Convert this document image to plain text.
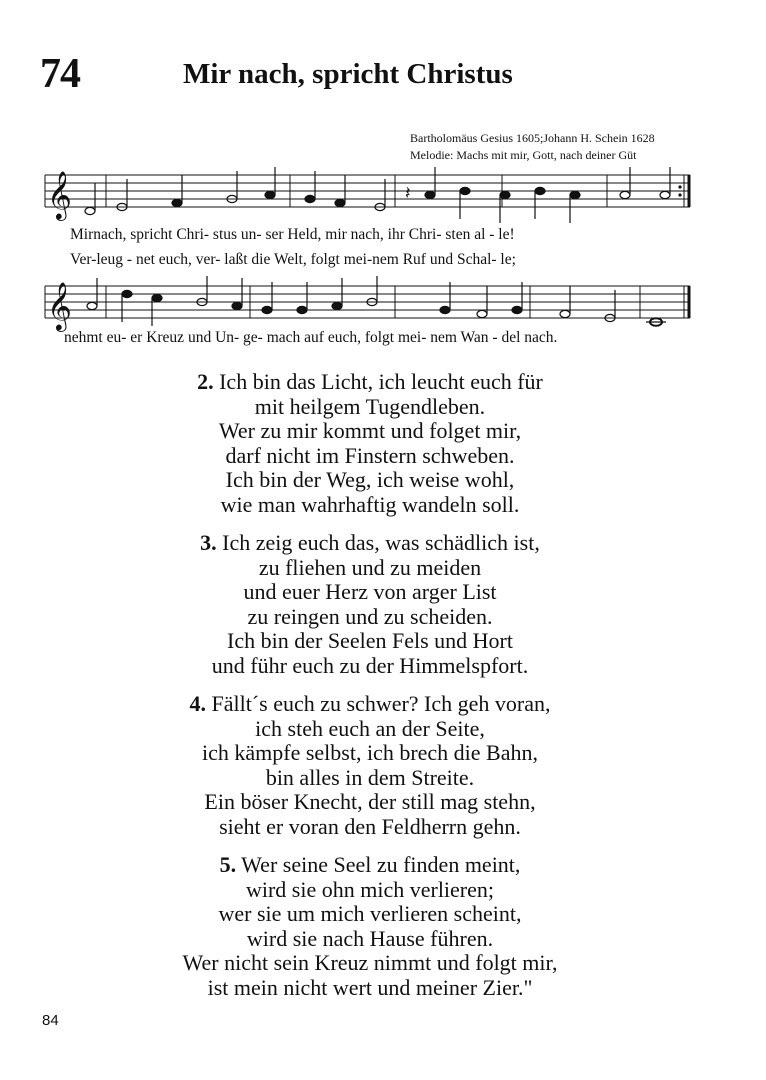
74	Mir nach, spricht Christus
Bartholomäus Gesius 1605;Johann H. Schein 1628
Melodie: Machs mit mir, Gott, nach deiner Güt
𝄞	𝄽
Mirnach, spricht Chri- stus un- ser Held, mir nach, ihr Chri- sten al - le!
Ver-leug - net euch, ver- laßt die Welt, folgt mei-nem Ruf und Schal- le;
𝄞
nehmt eu- er Kreuz und Un- ge- mach auf euch, folgt mei- nem Wan - del nach.
2. Ich bin das Licht, ich leucht euch für
mit heilgem Tugendleben.
Wer zu mir kommt und folget mir,
darf nicht im Finstern schweben.
Ich bin der Weg, ich weise wohl,
wie man wahrhaftig wandeln soll.
3. Ich zeig euch das, was schädlich ist,
zu fliehen und zu meiden
und euer Herz von arger List
zu reingen und zu scheiden.
Ich bin der Seelen Fels und Hort
und führ euch zu der Himmelspfort.
4. Fällt´s euch zu schwer? Ich geh voran,
ich steh euch an der Seite,
ich kämpfe selbst, ich brech die Bahn,
bin alles in dem Streite.
Ein böser Knecht, der still mag stehn,
sieht er voran den Feldherrn gehn.
5. Wer seine Seel zu finden meint,
wird sie ohn mich verlieren;
wer sie um mich verlieren scheint,
wird sie nach Hause führen.
Wer nicht sein Kreuz nimmt und folgt mir,
ist mein nicht wert und meiner Zier."
84
